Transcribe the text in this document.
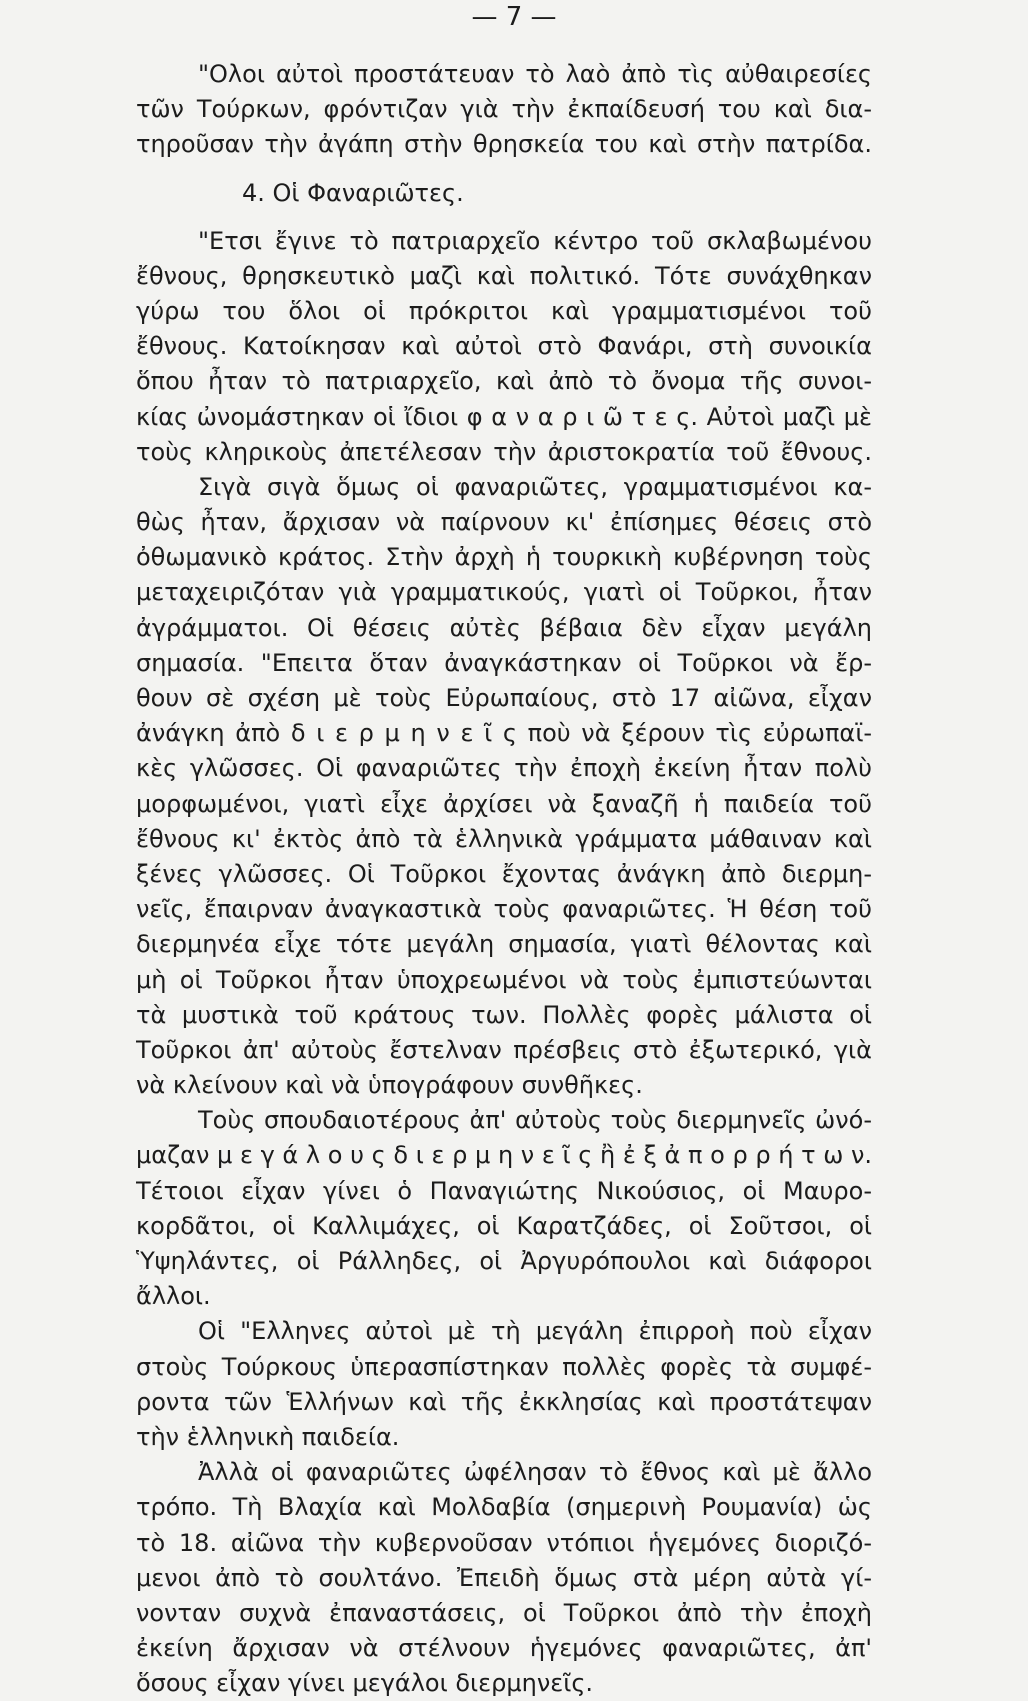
— 7 —
"Ολοι αὐτοὶ προστάτευαν τὸ λαὸ ἀπὸ τὶς αὐθαιρεσίες
τῶν Τούρκων, φρόντιζαν γιὰ τὴν ἐκπαίδευσή του καὶ δια-
τηροῦσαν τὴν ἀγάπη στὴν θρησκεία του καὶ στὴν πατρίδα.
4. Οἱ Φαναριῶτες.
"Ετσι ἔγινε τὸ πατριαρχεῖο κέντρο τοῦ σκλαβωμένου
ἔθνους, θρησκευτικὸ μαζὶ καὶ πολιτικό. Τότε συνάχθηκαν
γύρω του ὅλοι οἱ πρόκριτοι καὶ γραμματισμένοι τοῦ
ἔθνους. Κατοίκησαν καὶ αὐτοὶ στὸ Φανάρι, στὴ συνοικία
ὅπου ἦταν τὸ πατριαρχεῖο, καὶ ἀπὸ τὸ ὄνομα τῆς συνοι-
κίας ὠνομάστηκαν οἱ ἴδιοι φ α ν α ρ ι ῶ τ ε ς. Αὐτοὶ μαζὶ μὲ
τοὺς κληρικοὺς ἀπετέλεσαν τὴν ἀριστοκρατία τοῦ ἔθνους.
Σιγὰ σιγὰ ὅμως οἱ φαναριῶτες, γραμματισμένοι κα-
θὼς ἦταν, ἄρχισαν νὰ παίρνουν κι' ἐπίσημες θέσεις στὸ
ὀθωμανικὸ κράτος. Στὴν ἀρχὴ ἡ τουρκικὴ κυβέρνηση τοὺς
μεταχειριζόταν γιὰ γραμματικούς, γιατὶ οἱ Τοῦρκοι, ἦταν
ἀγράμματοι. Οἱ θέσεις αὐτὲς βέβαια δὲν εἶχαν μεγάλη
σημασία. "Επειτα ὅταν ἀναγκάστηκαν οἱ Τοῦρκοι νὰ ἔρ-
θουν σὲ σχέση μὲ τοὺς Εὐρωπαίους, στὸ 17 αἰῶνα, εἶχαν
ἀνάγκη ἀπὸ δ ι ε ρ μ η ν ε ῖ ς ποὺ νὰ ξέρουν τὶς εὐρωπαϊ-
κὲς γλῶσσες. Οἱ φαναριῶτες τὴν ἐποχὴ ἐκείνη ἦταν πολὺ
μορφωμένοι, γιατὶ εἶχε ἀρχίσει νὰ ξαναζῆ ἡ παιδεία τοῦ
ἔθνους κι' ἐκτὸς ἀπὸ τὰ ἑλληνικὰ γράμματα μάθαιναν καὶ
ξένες γλῶσσες. Οἱ Τοῦρκοι ἔχοντας ἀνάγκη ἀπὸ διερμη-
νεῖς, ἔπαιρναν ἀναγκαστικὰ τοὺς φαναριῶτες. Ἡ θέση τοῦ
διερμηνέα εἶχε τότε μεγάλη σημασία, γιατὶ θέλοντας καὶ
μὴ οἱ Τοῦρκοι ἦταν ὑποχρεωμένοι νὰ τοὺς ἐμπιστεύωνται
τὰ μυστικὰ τοῦ κράτους των. Πολλὲς φορὲς μάλιστα οἱ
Τοῦρκοι ἀπ' αὐτοὺς ἔστελναν πρέσβεις στὸ ἐξωτερικό, γιὰ
νὰ κλείνουν καὶ νὰ ὑπογράφουν συνθῆκες.
Τοὺς σπουδαιοτέρους ἀπ' αὐτοὺς τοὺς διερμηνεῖς ὠνό-
μαζαν μ ε γ ά λ ο υ ς δ ι ε ρ μ η ν ε ῖ ς ἢ ἐ ξ ἀ π ο ρ ρ ή τ ω ν.
Τέτοιοι εἶχαν γίνει ὁ Παναγιώτης Νικούσιος, οἱ Μαυρο-
κορδᾶτοι, οἱ Καλλιμάχες, οἱ Καρατζάδες, οἱ Σοῦτσοι, οἱ
Ὑψηλάντες, οἱ Ράλληδες, οἱ Ἀργυρόπουλοι καὶ διάφοροι
ἄλλοι.
Οἱ "Ελληνες αὐτοὶ μὲ τὴ μεγάλη ἐπιρροὴ ποὺ εἶχαν
στοὺς Τούρκους ὑπερασπίστηκαν πολλὲς φορὲς τὰ συμφέ-
ροντα τῶν Ἑλλήνων καὶ τῆς ἐκκλησίας καὶ προστάτεψαν
τὴν ἑλληνικὴ παιδεία.
Ἀλλὰ οἱ φαναριῶτες ὠφέλησαν τὸ ἔθνος καὶ μὲ ἄλλο
τρόπο. Τὴ Βλαχία καὶ Μολδαβία (σημερινὴ Ρουμανία) ὡς
τὸ 18. αἰῶνα τὴν κυβερνοῦσαν ντόπιοι ἡγεμόνες διοριζό-
μενοι ἀπὸ τὸ σουλτάνο. Ἐπειδὴ ὅμως στὰ μέρη αὐτὰ γί-
νονταν συχνὰ ἐπαναστάσεις, οἱ Τοῦρκοι ἀπὸ τὴν ἐποχὴ
ἐκείνη ἄρχισαν νὰ στέλνουν ἡγεμόνες φαναριῶτες, ἀπ'
ὅσους εἶχαν γίνει μεγάλοι διερμηνεῖς.
